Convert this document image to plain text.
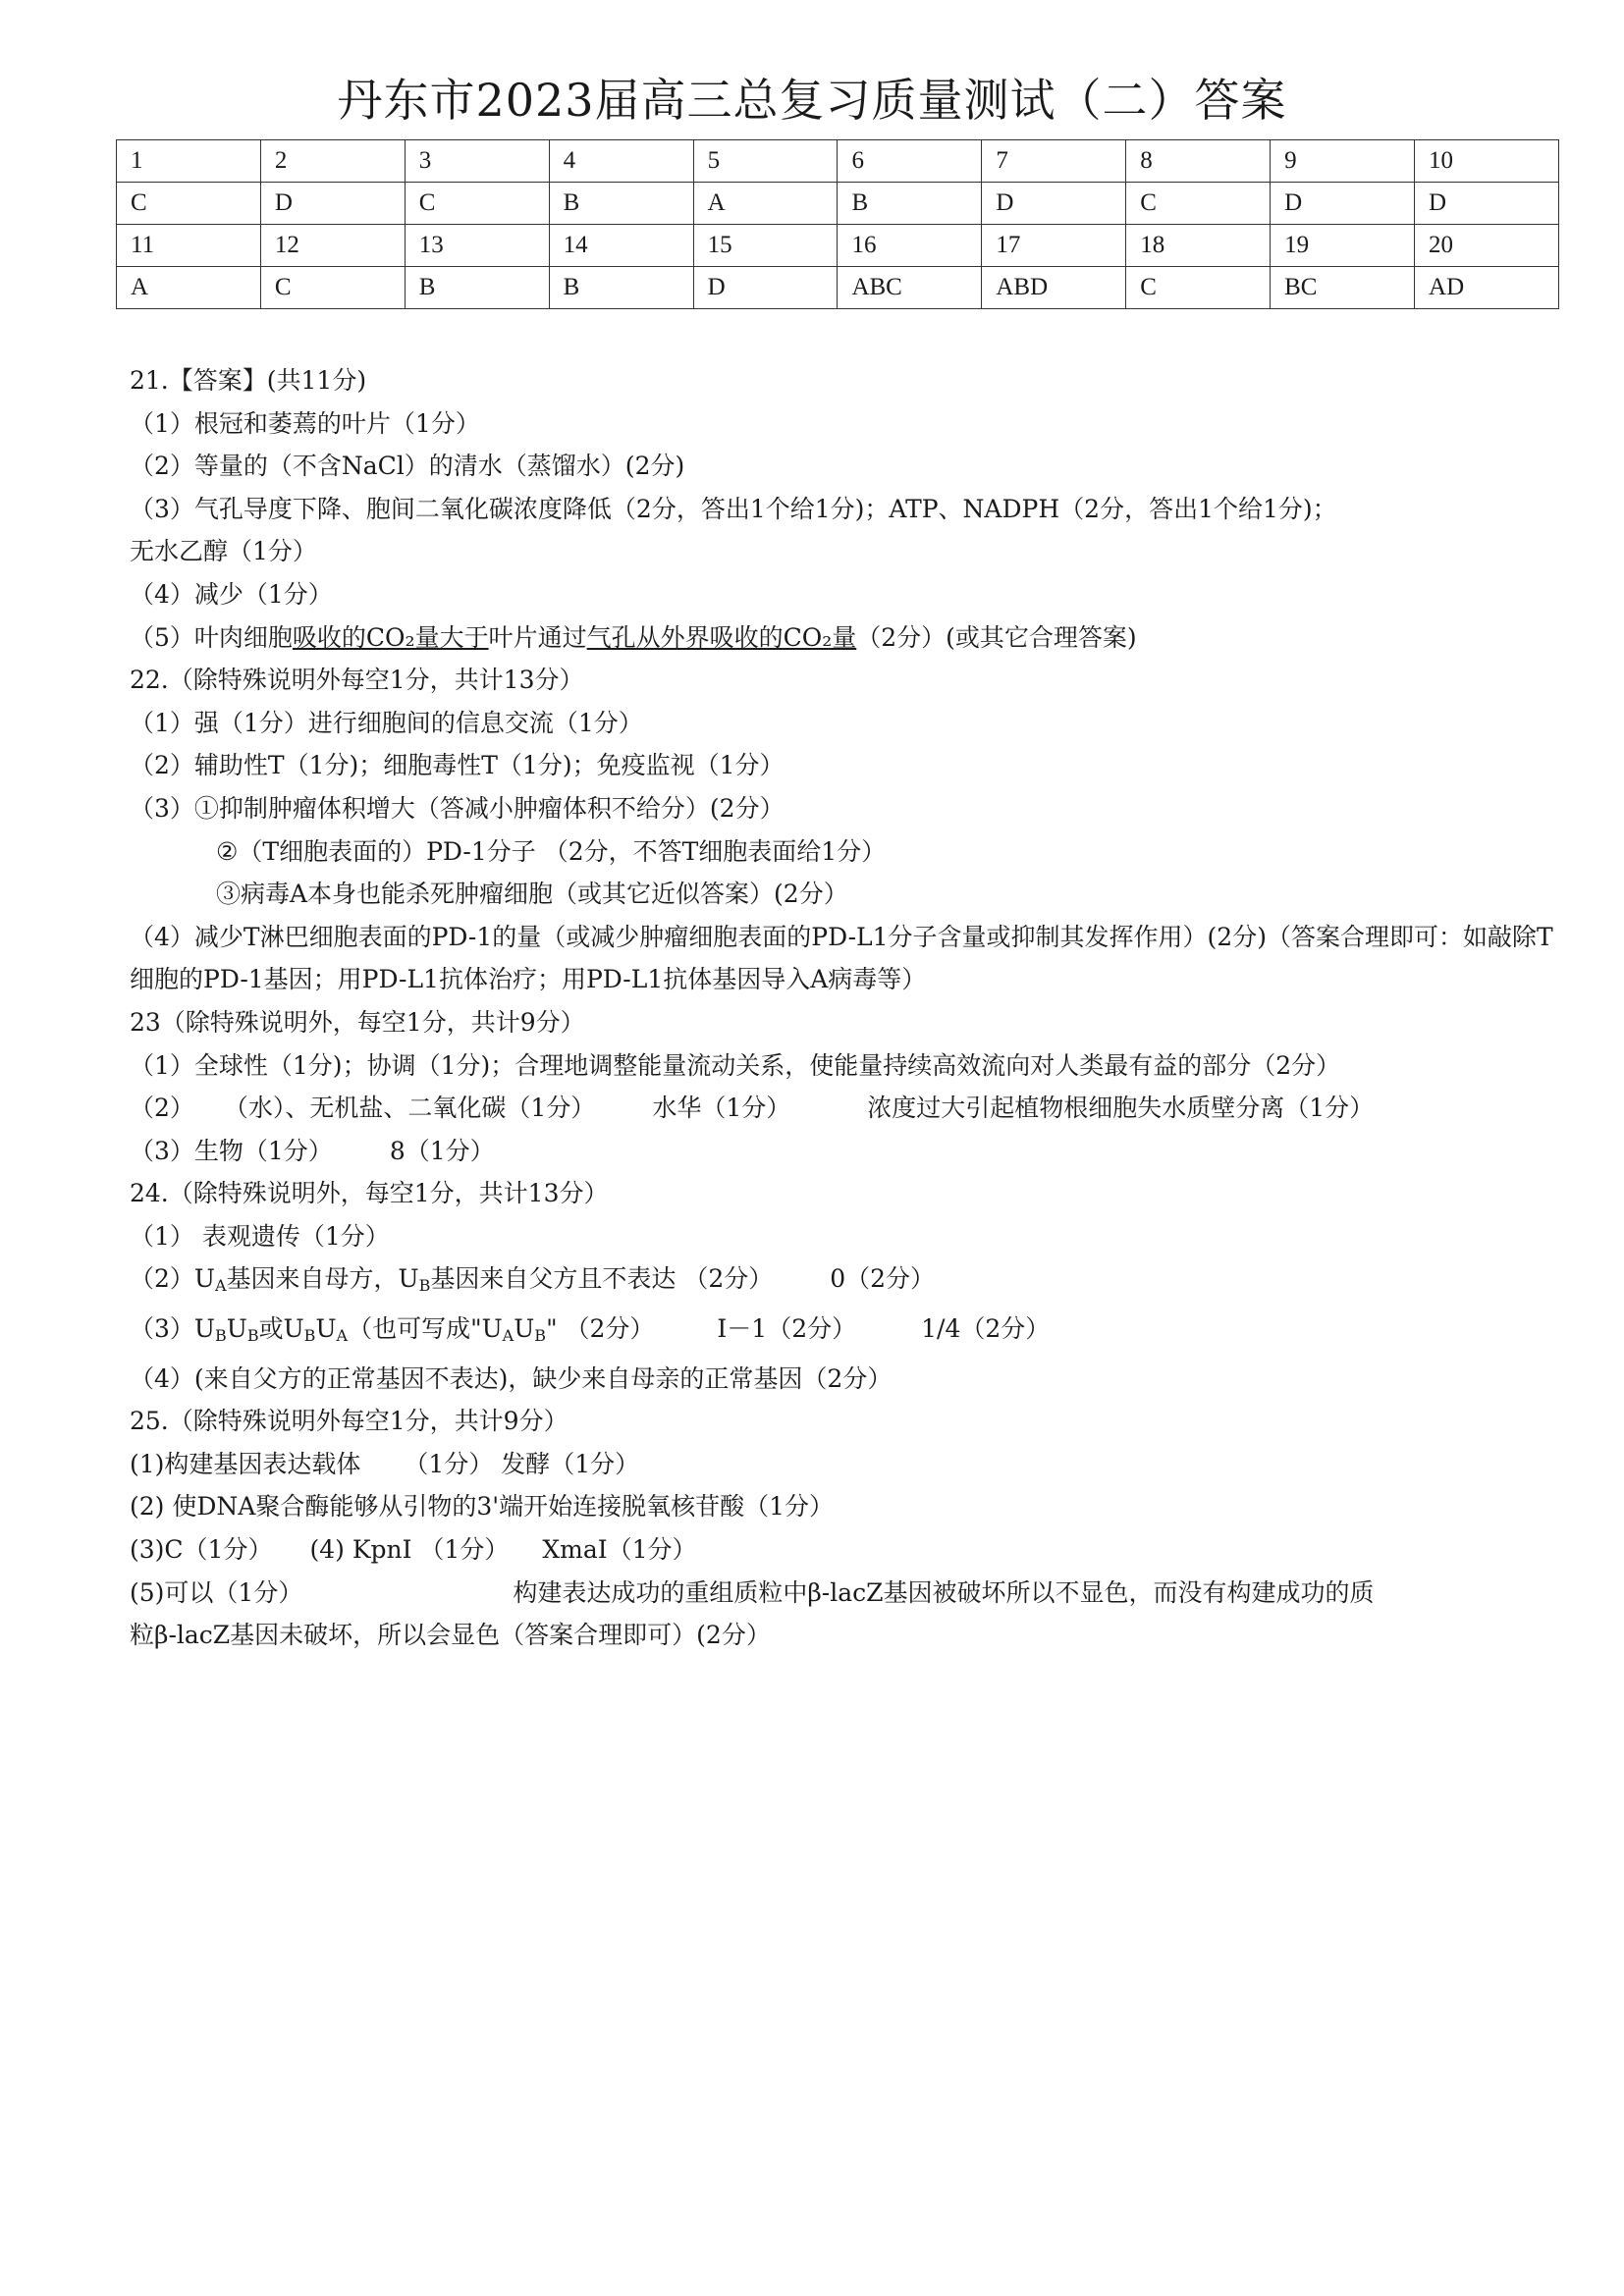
丹东市2023届高三总复习质量测试（二）答案
1	2	3	4	5	6	7	8	9	10
C	D	C	B	A	B	D	C	D	D
11	12	13	14	15	16	17	18	19	20
A	C	B	B	D	ABC	ABD	C	BC	AD
21.【答案】(共11分)
（1）根冠和萎蔫的叶片（1分）
（2）等量的（不含NaCl）的清水（蒸馏水）(2分)
（3）气孔导度下降、胞间二氧化碳浓度降低（2分，答出1个给1分)；ATP、NADPH（2分，答出1个给1分)；
无水乙醇（1分）
（4）减少（1分）
（5）叶肉细胞吸收的CO₂量大于叶片通过气孔从外界吸收的CO₂量（2分）(或其它合理答案)
22.（除特殊说明外每空1分，共计13分）
（1）强（1分）进行细胞间的信息交流（1分）
（2）辅助性T（1分)；细胞毒性T（1分)；免疫监视（1分）
（3）①抑制肿瘤体积增大（答减小肿瘤体积不给分）(2分）
②（T细胞表面的）PD-1分子 （2分，不答T细胞表面给1分）
③病毒A本身也能杀死肿瘤细胞（或其它近似答案）(2分）
（4）减少T淋巴细胞表面的PD-1的量（或减少肿瘤细胞表面的PD-L1分子含量或抑制其发挥作用）(2分)（答案合理即可：如敲除T细胞的PD-1基因；用PD-L1抗体治疗；用PD-L1抗体基因导入A病毒等）
23（除特殊说明外，每空1分，共计9分）
（1）全球性（1分)；协调（1分)；合理地调整能量流动关系，使能量持续高效流向对人类最有益的部分（2分）
（2） （水）、无机盐、二氧化碳（1分） 水华（1分）	浓度过大引起植物根细胞失水质壁分离（1分）
（3）生物（1分） 8（1分）
24.（除特殊说明外，每空1分，共计13分）
（1） 表观遗传（1分）
$(2)U_A$基因来自母方，$U_B$基因来自父方且不表达 （2分） 0（2分）
$(3)U_BU_B$或$U_BU_A$（也可写成"$U_AU_B$" （2分）	Ⅰ－1（2分）	1/4（2分）
（4）(来自父方的正常基因不表达)，缺少来自母亲的正常基因（2分）
25.（除特殊说明外每空1分，共计9分）
(1)构建基因表达载体 （1分） 发酵（1分）
(2) 使DNA聚合酶能够从引物的3'端开始连接脱氧核苷酸（1分）
(3)C（1分） (4) KpnI （1分） XmaI（1分）
(5)可以（1分）	构建表达成功的重组质粒中β-lacZ基因被破坏所以不显色，而没有构建成功的质
粒β-lacZ基因未破坏，所以会显色（答案合理即可）(2分）
